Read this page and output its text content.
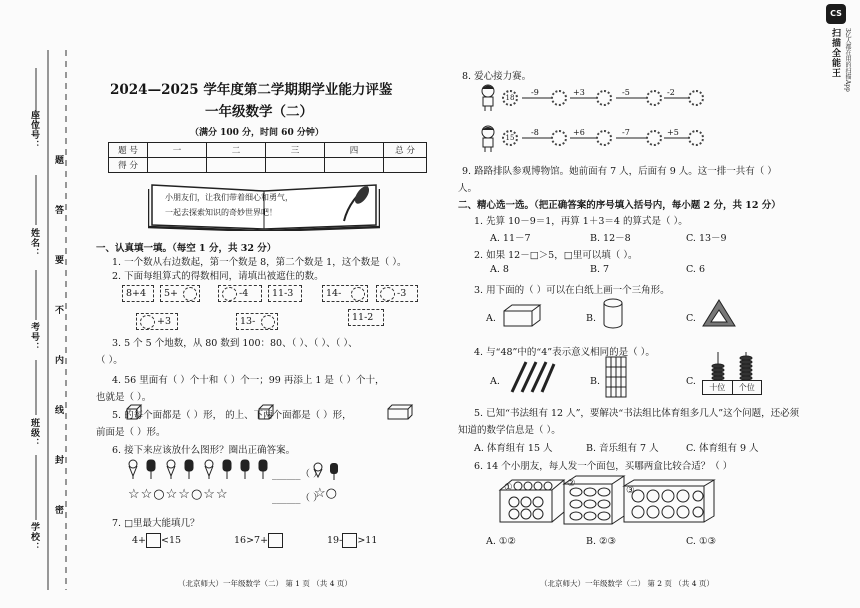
座位号：
姓名：
考号：
班级：
学校：
密
封
线
内
不
要
答
题
CS
扫描全能王 3亿人都在用的扫描App
2024—2025 学年度第二学期期学业能力评鉴
一年级数学（二）
（满分 100 分，时间 60 分钟）
题 号	一	二	三	四	总 分
得 分					
小朋友们，让我们带着细心和勇气，
一起去探索知识的奇妙世界吧！
一、认真填一填。（每空 1 分，共 32 分）
1. 一个数从右边数起，第一个数是 8，第二个数是 1，这个数是（ ）。
2. 下面每组算式的得数相同，请填出被遮住的数。
8+4 5+	-4 11-3	14-	-3
+3	13-	11-2
3. 5 个 5 个地数，从 80 数到 100：80、（ ）、（ ）、（ ）、
（ ）。
4. 56 里面有（ ）个十和（ ）个一；99 再添上 1 是（ ）个十，
也就是（ ）。
5. 的每个面都是（ ）形， 的上、下两个面都是（ ）形，
前面是（ ）形。
6. 接下来应该放什么图形？圈出正确答案。
______（ ）
☆☆○☆☆○☆☆	______（ ）
☆○
7. □里最大能填几？
4+ <15	16>7+	19- >11
（北京师大）一年级数学（二） 第 1 页 （共 4 页）
8. 爱心接力赛。
18
-9	+3	-5	-2
15
-8	+6	-7	+5
9. 路路排队参观博物馆。她前面有 7 人，后面有 9 人。这一排一共有（ ）
人。
二、精心选一选。（把正确答案的序号填入括号内，每小题 2 分，共 12 分）
1. 先算 10－9＝1，再算 1＋3＝4 的算式是（ ）。
A. 11－7	B. 12－8	C. 13－9
2. 如果 12－□＞5，□里可以填（ ）。
A. 8	B. 7	C. 6
3. 用下面的（ ）可以在白纸上画一个三角形。
A.	B.	C.
4. 与“48”中的“4”表示意义相同的是（ ）。
A.	B.	C.
十位	个位
5. 已知“书法组有 12 人”，要解决“书法组比体育组多几人”这个问题，还必须
知道的数学信息是（ ）。
A. 体育组有 15 人	B. 音乐组有 7 人	C. 体育组有 9 人
6. 14 个小朋友，每人发一个面包，买哪两盒比较合适？（ ）
①	②
③
A. ①②	B. ②③	C. ①③
（北京师大）一年级数学（二） 第 2 页 （共 4 页）
